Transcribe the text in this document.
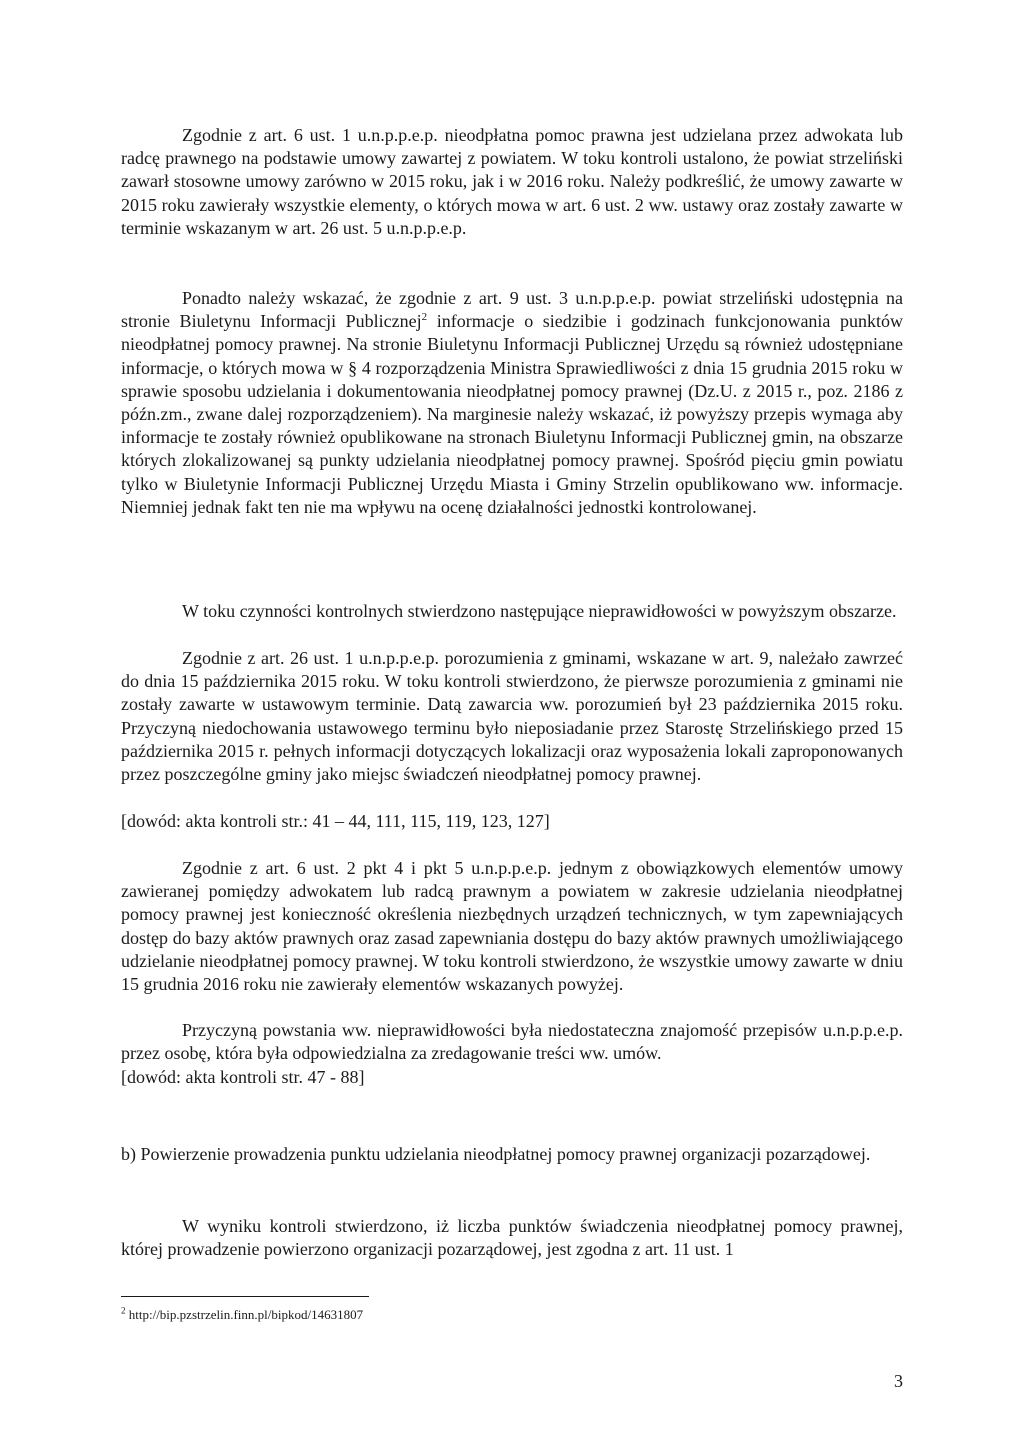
Zgodnie z art. 6 ust. 1 u.n.p.p.e.p. nieodpłatna pomoc prawna jest udzielana przez adwokata lub radcę prawnego na podstawie umowy zawartej z powiatem. W toku kontroli ustalono, że powiat strzeliński zawarł stosowne umowy zarówno w 2015 roku, jak i w 2016 roku. Należy podkreślić, że umowy zawarte w 2015 roku zawierały wszystkie elementy, o których mowa w art. 6 ust. 2 ww. ustawy oraz zostały zawarte w terminie wskazanym w art. 26 ust. 5 u.n.p.p.e.p.

Ponadto należy wskazać, że zgodnie z art. 9 ust. 3 u.n.p.p.e.p. powiat strzeliński udostępnia na stronie Biuletynu Informacji Publicznej$^2$ informacje o siedzibie i godzinach funkcjonowania punktów nieodpłatnej pomocy prawnej. Na stronie Biuletynu Informacji Publicznej Urzędu są również udostępniane informacje, o których mowa w § 4 rozporządzenia Ministra Sprawiedliwości z dnia 15 grudnia 2015 roku w sprawie sposobu udzielania i dokumentowania nieodpłatnej pomocy prawnej (Dz.U. z 2015 r., poz. 2186 z późn.zm., zwane dalej rozporządzeniem). Na marginesie należy wskazać, iż powyższy przepis wymaga aby informacje te zostały również opublikowane na stronach Biuletynu Informacji Publicznej gmin, na obszarze których zlokalizowanej są punkty udzielania nieodpłatnej pomocy prawnej. Spośród pięciu gmin powiatu tylko w Biuletynie Informacji Publicznej Urzędu Miasta i Gminy Strzelin opublikowano ww. informacje. Niemniej jednak fakt ten nie ma wpływu na ocenę działalności jednostki kontrolowanej.

W toku czynności kontrolnych stwierdzono następujące nieprawidłowości w powyższym obszarze.

Zgodnie z art. 26 ust. 1 u.n.p.p.e.p. porozumienia z gminami, wskazane w art. 9, należało zawrzeć do dnia 15 października 2015 roku. W toku kontroli stwierdzono, że pierwsze porozumienia z gminami nie zostały zawarte w ustawowym terminie. Datą zawarcia ww. porozumień był 23 października 2015 roku. Przyczyną niedochowania ustawowego terminu było nieposiadanie przez Starostę Strzelińskiego przed 15 października 2015 r. pełnych informacji dotyczących lokalizacji oraz wyposażenia lokali zaproponowanych przez poszczególne gminy jako miejsc świadczeń nieodpłatnej pomocy prawnej.

[dowód: akta kontroli str.: 41 – 44, 111, 115, 119, 123, 127]

Zgodnie z art. 6 ust. 2 pkt 4 i pkt 5 u.n.p.p.e.p. jednym z obowiązkowych elementów umowy zawieranej pomiędzy adwokatem lub radcą prawnym a powiatem w zakresie udzielania nieodpłatnej pomocy prawnej jest konieczność określenia niezbędnych urządzeń technicznych, w tym zapewniających dostęp do bazy aktów prawnych oraz zasad zapewniania dostępu do bazy aktów prawnych umożliwiającego udzielanie nieodpłatnej pomocy prawnej. W toku kontroli stwierdzono, że wszystkie umowy zawarte w dniu 15 grudnia 2016 roku nie zawierały elementów wskazanych powyżej.

Przyczyną powstania ww. nieprawidłowości była niedostateczna znajomość przepisów u.n.p.p.e.p. przez osobę, która była odpowiedzialna za zredagowanie treści ww. umów.

[dowód: akta kontroli str. 47 - 88]

b) Powierzenie prowadzenia punktu udzielania nieodpłatnej pomocy prawnej organizacji pozarządowej.

W wyniku kontroli stwierdzono, iż liczba punktów świadczenia nieodpłatnej pomocy prawnej, której prowadzenie powierzono organizacji pozarządowej, jest zgodna z art. 11 ust. 1

$^2$ http://bip.pzstrzelin.finn.pl/bipkod/14631807

3
